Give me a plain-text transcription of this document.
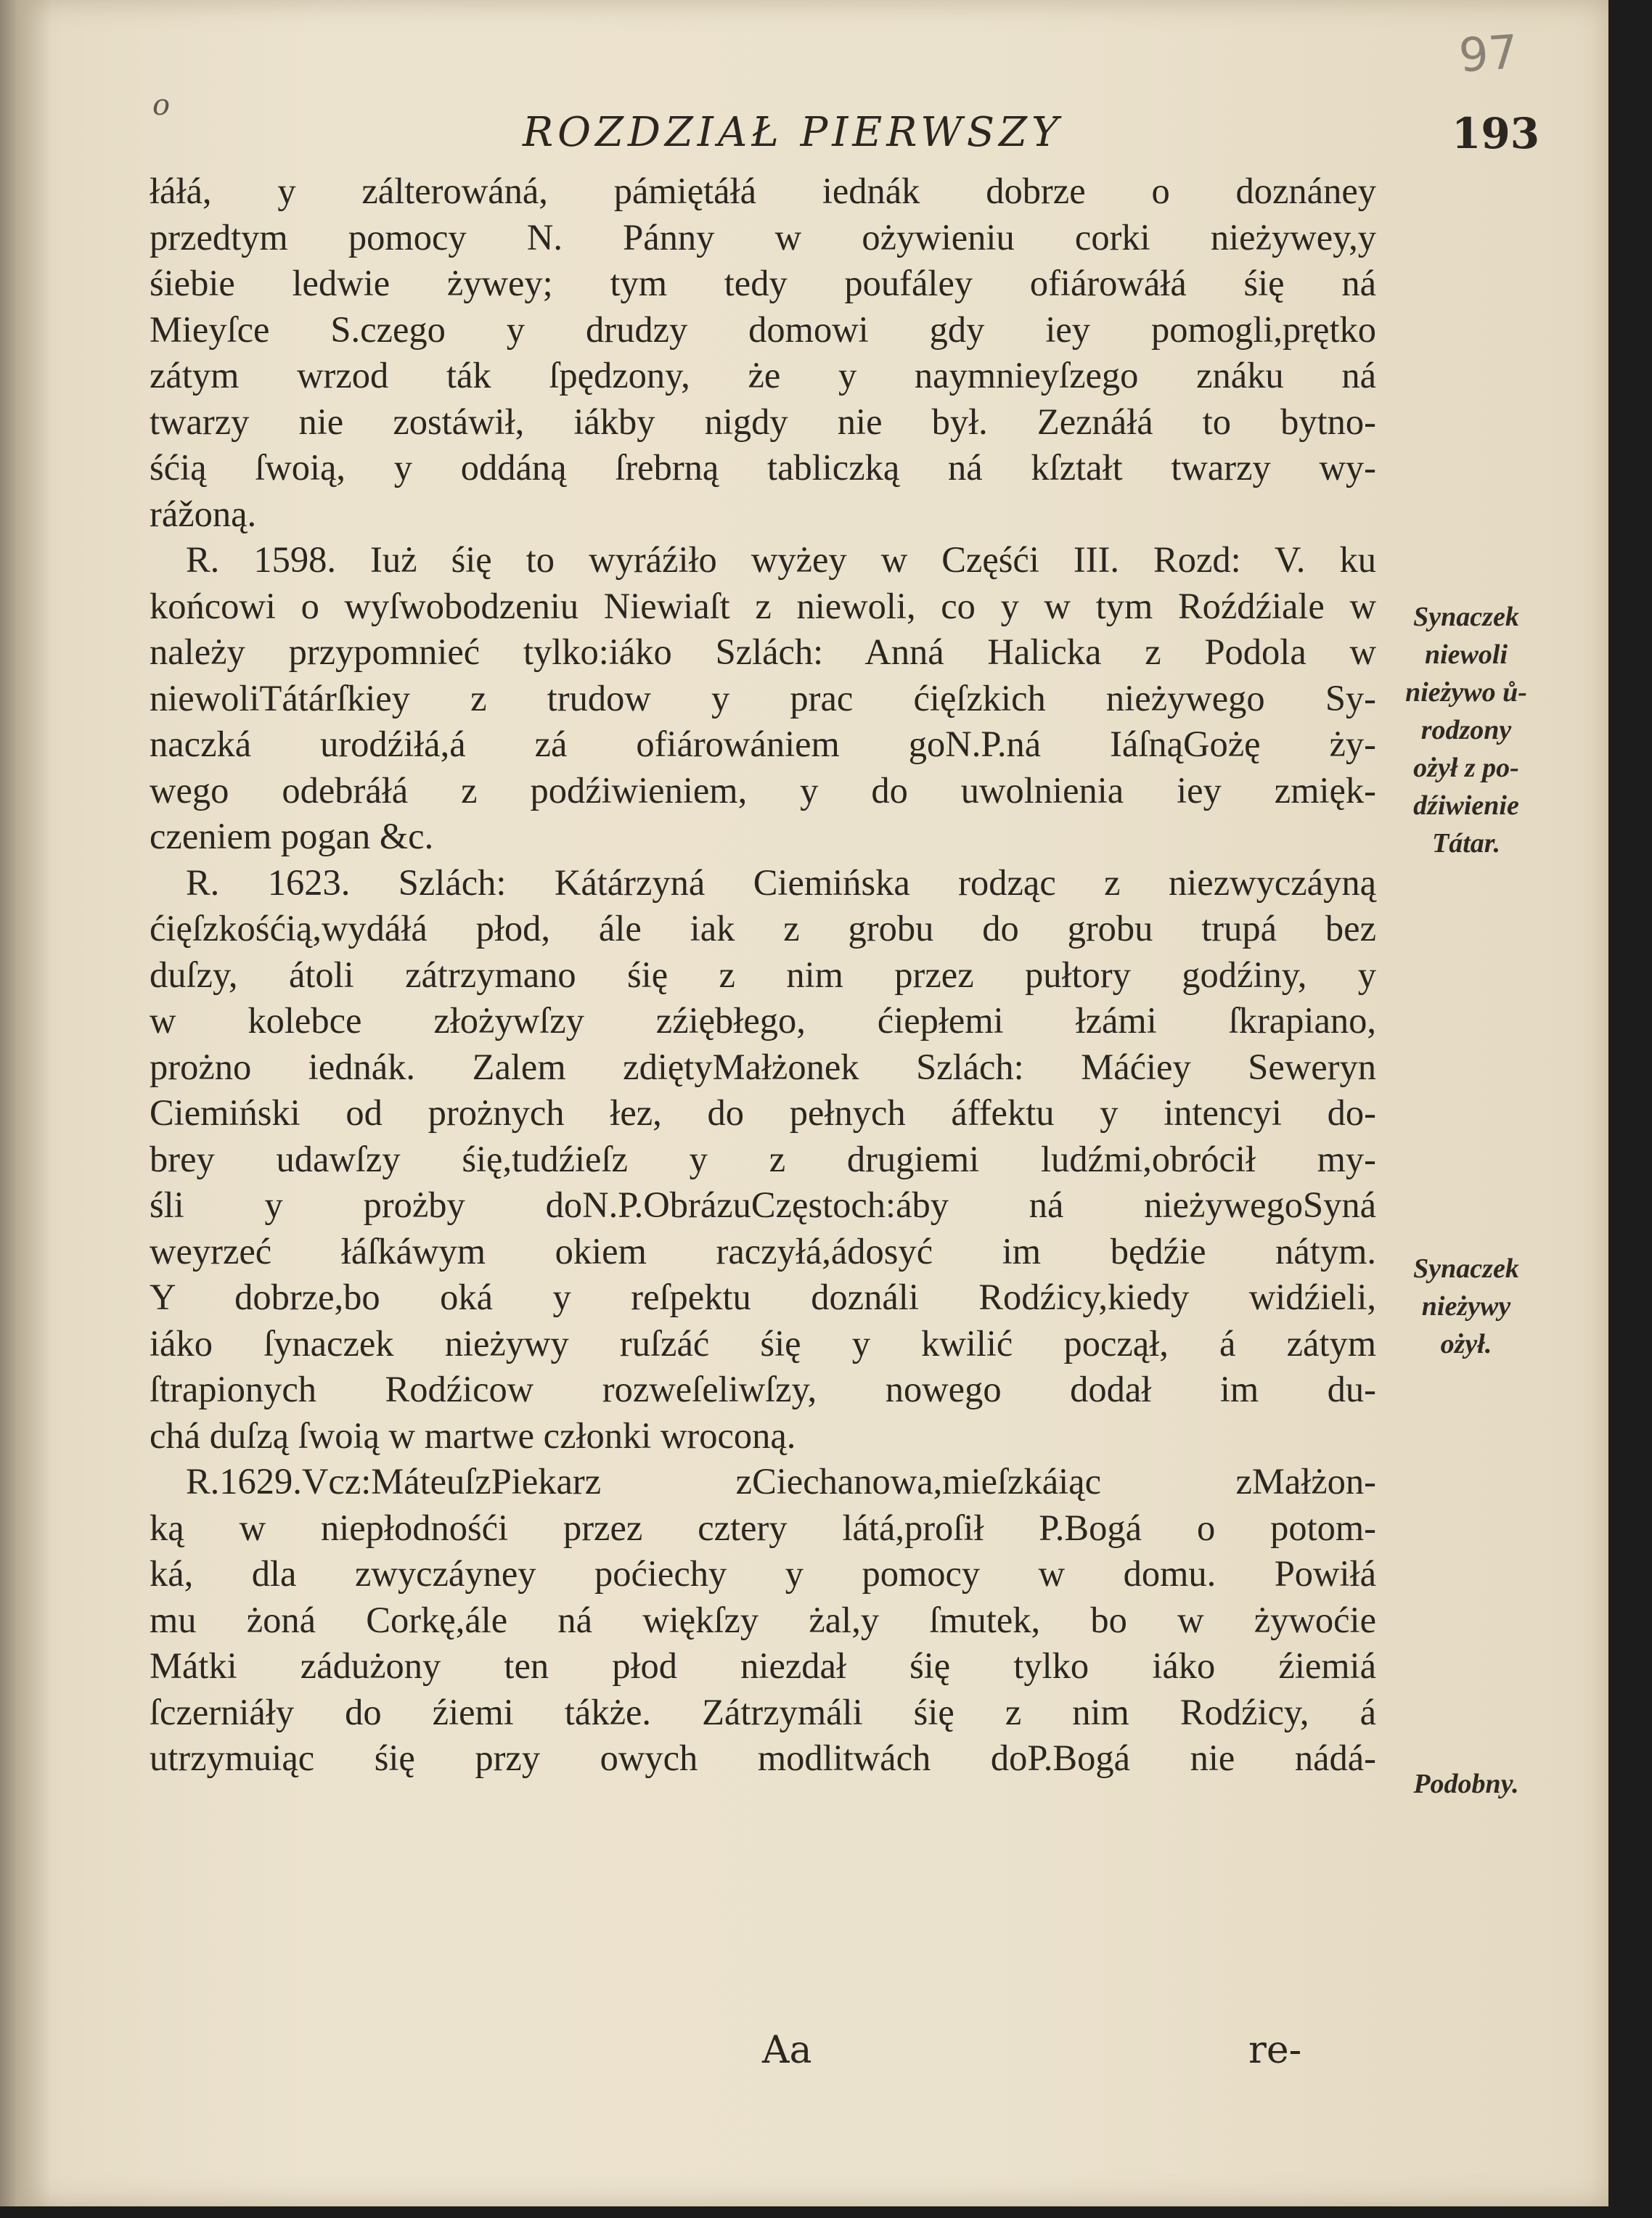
97
o
ROZDZIAŁ PIERWSZY	193
łáłá, y zálterowáná, pámiętáłá iednák dobrze o doznáney
przedtym pomocy N. Pánny w ożywieniu corki nieżywey,y
śiebie ledwie żywey; tym tedy poufáley ofiárowáłá śię ná
Mieyſce S.czego y drudzy domowi gdy iey pomogli,prętko
zátym wrzod ták ſpędzony, że y naymnieyſzego znáku ná
twarzy nie zostáwił, iákby nigdy nie był. Zeznáłá to bytno-
śćią ſwoią, y oddáną ſrebrną tabliczką ná kſztałt twarzy wy-
rážoną.
R. 1598. Iuż śię to wyráźiło wyżey w Częśći III. Rozd: V. ku
końcowi o wyſwobodzeniu Niewiaſt z niewoli, co y w tym Roźdźiale w
należy przypomnieć tylko:iáko Szlách: Anná Halicka z Podola w
niewoliTátárſkiey z trudow y prac ćięſzkich nieżywego Sy-
naczká urodźiłá,á zá ofiárowániem goN.P.ná IáſnąGożę ży-
wego odebráłá z podźiwieniem, y do uwolnienia iey zmięk-
czeniem pogan &c.
R. 1623. Szlách: Kátárzyná Ciemińska rodząc z niezwyczáyną
ćięſzkośćią,wydáłá płod, ále iak z grobu do grobu trupá bez
duſzy, átoli zátrzymano śię z nim przez pułtory godźiny, y
w kolebce złożywſzy zźiębłego, ćiepłemi łzámi ſkrapiano,
prożno iednák. Zalem zdiętyMałżonek Szlách: Máćiey Seweryn
Ciemiński od prożnych łez, do pełnych áffektu y intencyi do-
brey udawſzy śię,tudźieſz y z drugiemi ludźmi,obrócił my-
śli y prożby doN.P.ObrázuCzęstoch:áby ná nieżywegoSyná
weyrzeć łáſkáwym okiem raczyłá,ádosyć im będźie nátym.
Y dobrze,bo oká y reſpektu doználi Rodźicy,kiedy widźieli,
iáko ſynaczek nieżywy ruſzáć śię y kwilić począł, á zátym
ſtrapionych Rodźicow rozweſeliwſzy, nowego dodał im du-
chá duſzą ſwoią w martwe członki wroconą.
R.1629.Vcz:MáteuſzPiekarz zCiechanowa,mieſzkáiąc zMałżon-
ką w niepłodnośći przez cztery látá,proſił P.Bogá o potom-
ká, dla zwyczáyney poćiechy y pomocy w domu. Powiłá
mu żoná Corkę,ále ná więkſzy żal,y ſmutek, bo w żywoćie
Mátki zádużony ten płod niezdał śię tylko iáko źiemiá
ſczerniáły do źiemi tákże. Zátrzymáli śię z nim Rodźicy, á
utrzymuiąc śię przy owych modlitwách doP.Bogá nie nádá-
Synaczek
niewoli
nieżywo ů-
rodzony
ożył z po-
dźiwienie
Tátar.
Synaczek
nieżywy
ożył.
Podobny.
Aa	re-
